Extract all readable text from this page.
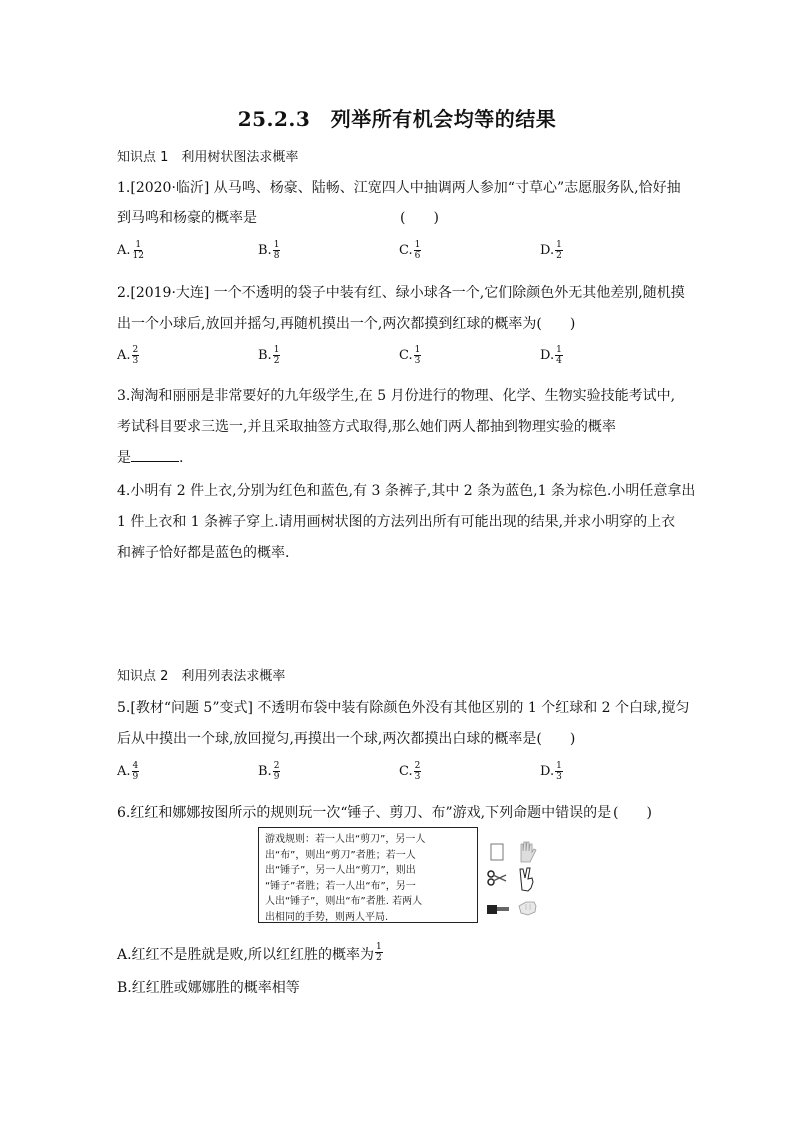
25.2.3　列举所有机会均等的结果
知识点 1　利用树状图法求概率
1.[2020·临沂] 从马鸣、杨豪、陆畅、江宽四人中抽调两人参加“寸草心”志愿服务队,恰好抽
到马鸣和杨豪的概率是	(　　)
A. $\frac{1}{12}$	B. $\frac{1}{8}$	C. $\frac{1}{6}$	D. $\frac{1}{2}$
2.[2019·大连] 一个不透明的袋子中装有红、绿小球各一个,它们除颜色外无其他差别,随机摸
出一个小球后,放回并摇匀,再随机摸出一个,两次都摸到红球的概率为(　　)
A. $\frac{2}{3}$	B. $\frac{1}{2}$	C. $\frac{1}{3}$	D. $\frac{1}{4}$
3.淘淘和丽丽是非常要好的九年级学生,在 5 月份进行的物理、化学、生物实验技能考试中,
考试科目要求三选一,并且采取抽签方式取得,那么她们两人都抽到物理实验的概率
是	.
4.小明有 2 件上衣,分别为红色和蓝色,有 3 条裤子,其中 2 条为蓝色,1 条为棕色.小明任意拿出
1 件上衣和 1 条裤子穿上.请用画树状图的方法列出所有可能出现的结果,并求小明穿的上衣
和裤子恰好都是蓝色的概率.
知识点 2　利用列表法求概率
5.[教材“问题 5”变式] 不透明布袋中装有除颜色外没有其他区别的 1 个红球和 2 个白球,搅匀
后从中摸出一个球,放回搅匀,再摸出一个球,两次都摸出白球的概率是(　　)
A. $\frac{4}{9}$	B. $\frac{2}{9}$	C. $\frac{2}{3}$	D. $\frac{1}{3}$
6.红红和娜娜按图所示的规则玩一次“锤子、剪刀、布”游戏,下列命题中错误的是 (　　)
游戏规则：若一人出“剪刀”，另一人
出“布”，则出“剪刀”者胜；若一人
出“锤子”，另一人出“剪刀”，则出
“锤子”者胜；若一人出“布”，另一
人出“锤子”，则出“布”者胜. 若两人
出相同的手势，则两人平局.
A.红红不是胜就是败,所以红红胜的概率为 $\frac{1}{2}$
B.红红胜或娜娜胜的概率相等
